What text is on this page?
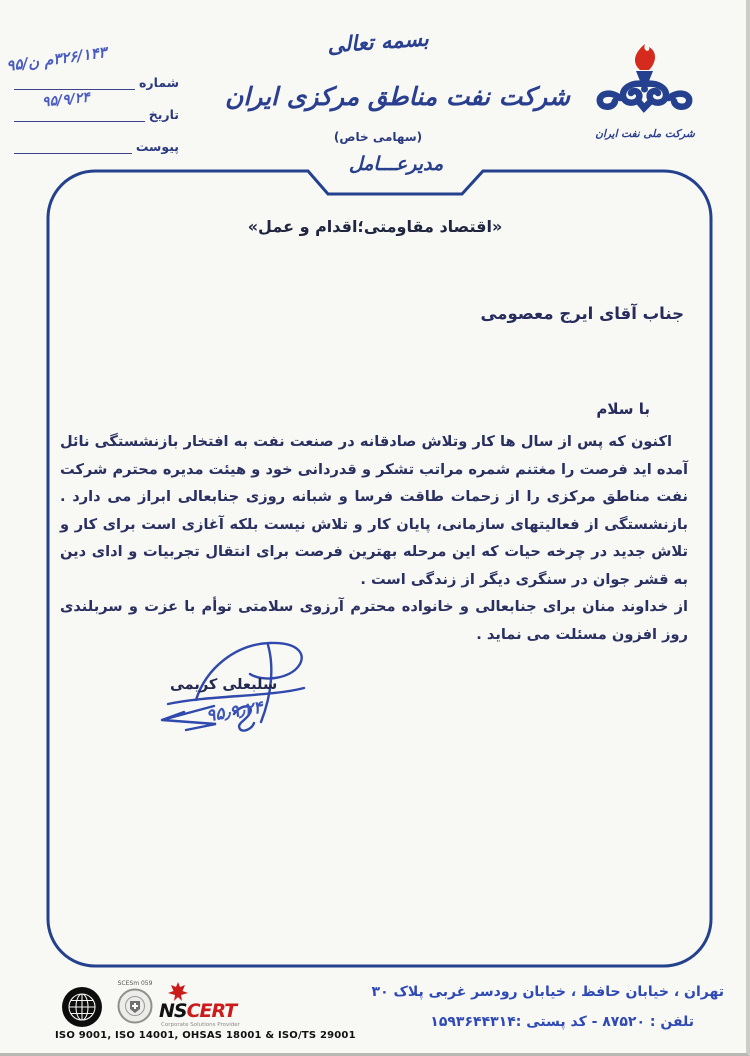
شماره
تاریخ
پیوست
۳۲۶/۱۴۳م ن/۹۵
۹۵/۹/۲۴
بسمه تعالی
شرکت نفت مناطق مرکزی ایران
(سهامی خاص)
مدیرعـــامل
شرکت ملی نفت ایران
«اقتصاد مقاومتی؛اقدام و عمل»
جناب آقای ایرج معصومی
با سلام

اکنون که پس از سال ها کار وتلاش صادقانه در صنعت نفت به افتخار بازنشستگی نائل آمده اید فرصت را مغتنم شمره مراتب تشکر و قدردانی خود و هیئت مدیره محترم شرکت نفت مناطق مرکزی را از زحمات طاقت فرسا و شبانه روزی جنابعالی ابراز می دارد . بازنشستگی از فعالیتهای سازمانی، پایان کار و تلاش نیست بلکه آغازی است برای کار و تلاش جدید در چرخه حیات که این مرحله بهترین فرصت برای انتقال تجربیات و ادای دین به قشر جوان در سنگری دیگر از زندگی است .

از خداوند منان برای جنابعالی و خانواده محترم آرزوی سلامتی توأم با عزت و سربلندی روز افزون مسئلت می نماید .

سلبعلی کریمی
۹۵٫۹٫۲۴
SCESm 059
NSCERT
Corporate Solutions Provider
ISO 9001, ISO 14001, OHSAS 18001 & ISO/TS 29001
تهران ، خیابان حافظ ، خیابان رودسر غربی پلاک ۳۰
تلفن : ۸۷۵۲۰ - کد پستی :۱۵۹۳۶۴۴۳۱۴
